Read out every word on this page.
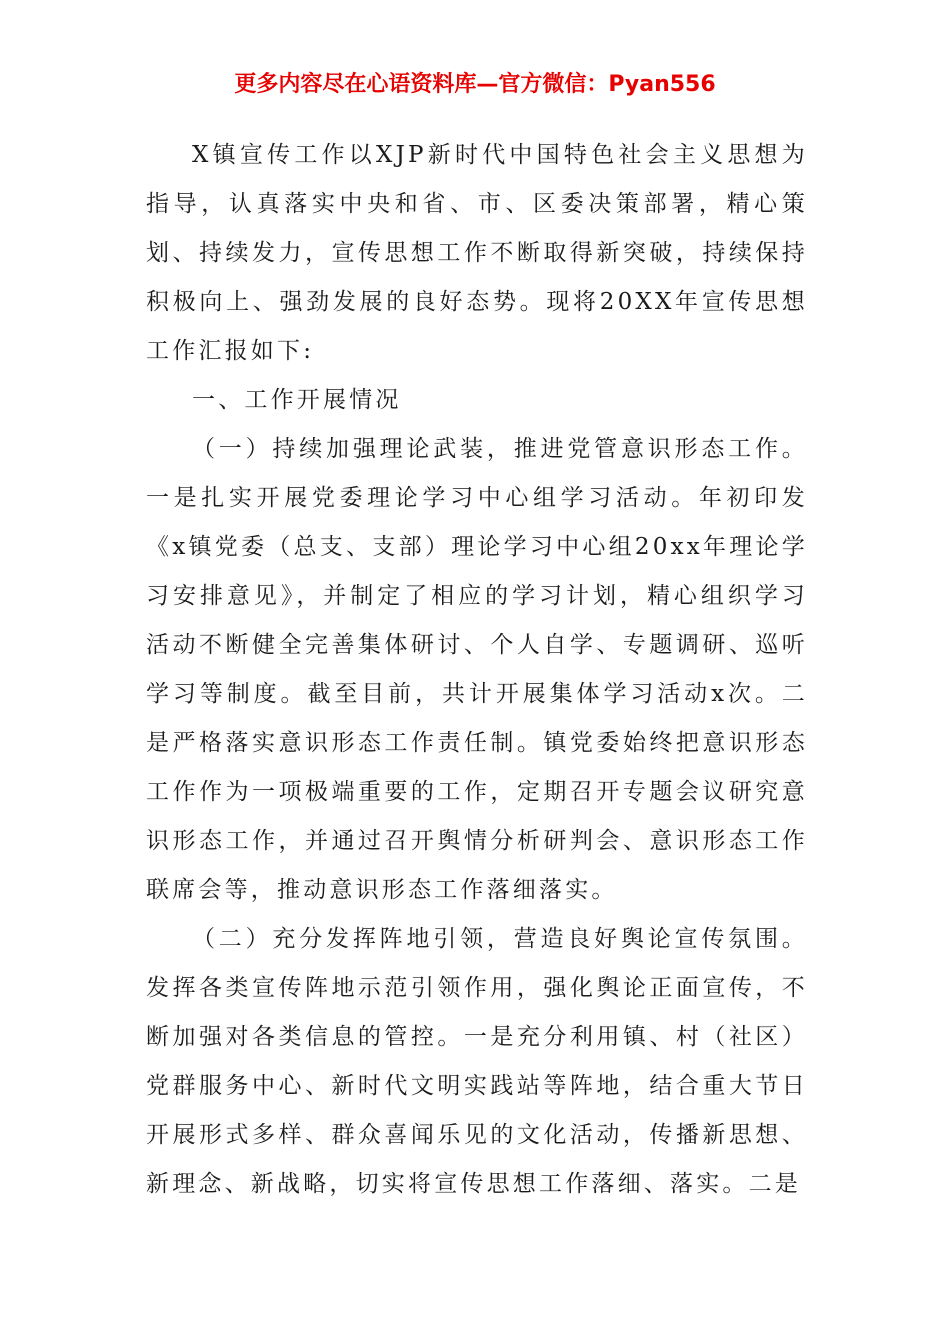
更多内容尽在心语资料库—官方微信：Pyan556

X镇宣传工作以XJP新时代中国特色社会主义思想为指导，认真落实中央和省、市、区委决策部署，精心策划、持续发力，宣传思想工作不断取得新突破，持续保持积极向上、强劲发展的良好态势。现将20XX年宣传思想工作汇报如下:

一、工作开展情况

（一）持续加强理论武装，推进党管意识形态工作。一是扎实开展党委理论学习中心组学习活动。年初印发《x镇党委（总支、支部）理论学习中心组20xx年理论学习安排意见》，并制定了相应的学习计划，精心组织学习活动不断健全完善集体研讨、个人自学、专题调研、巡听学习等制度。截至目前，共计开展集体学习活动x次。二是严格落实意识形态工作责任制。镇党委始终把意识形态工作作为一项极端重要的工作，定期召开专题会议研究意识形态工作，并通过召开舆情分析研判会、意识形态工作联席会等，推动意识形态工作落细落实。

（二）充分发挥阵地引领，营造良好舆论宣传氛围。发挥各类宣传阵地示范引领作用，强化舆论正面宣传，不断加强对各类信息的管控。一是充分利用镇、村（社区）党群服务中心、新时代文明实践站等阵地，结合重大节日开展形式多样、群众喜闻乐见的文化活动，传播新思想、新理念、新战略，切实将宣传思想工作落细、落实。二是
